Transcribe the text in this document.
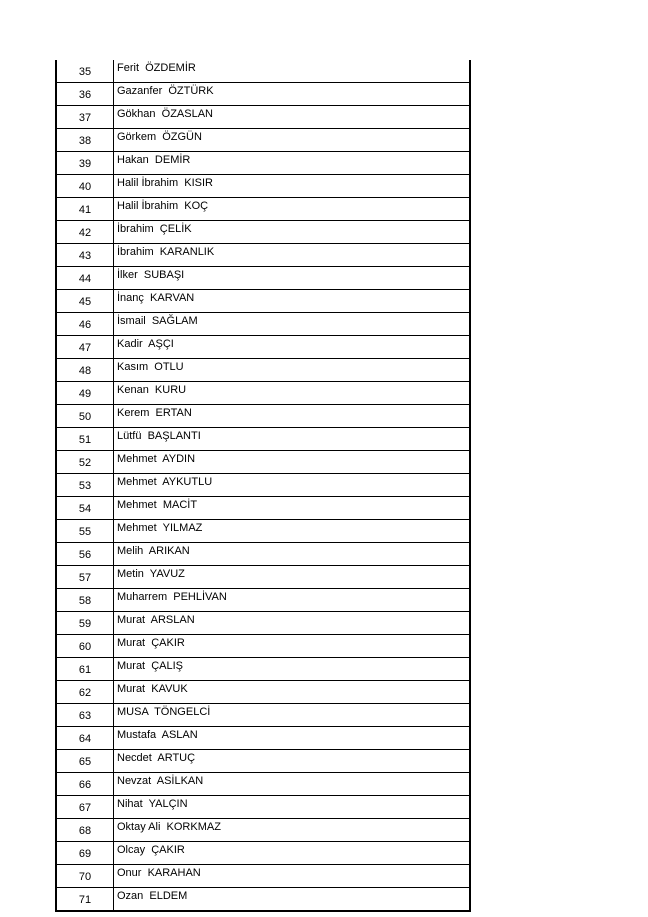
35	Ferit  ÖZDEMİR
36	Gazanfer  ÖZTÜRK
37	Gökhan  ÖZASLAN
38	Görkem  ÖZGÜN
39	Hakan  DEMİR
40	Halil İbrahim  KISIR
41	Halil İbrahim  KOÇ
42	İbrahim  ÇELİK
43	İbrahim  KARANLIK
44	İlker  SUBAŞI
45	İnanç  KARVAN
46	İsmail  SAĞLAM
47	Kadir  AŞÇI
48	Kasım  OTLU
49	Kenan  KURU
50	Kerem  ERTAN
51	Lütfü  BAŞLANTI
52	Mehmet  AYDIN
53	Mehmet  AYKUTLU
54	Mehmet  MACİT
55	Mehmet  YILMAZ
56	Melih  ARIKAN
57	Metin  YAVUZ
58	Muharrem  PEHLİVAN
59	Murat  ARSLAN
60	Murat  ÇAKIR
61	Murat  ÇALIŞ
62	Murat  KAVUK
63	MUSA  TÖNGELCİ
64	Mustafa  ASLAN
65	Necdet  ARTUÇ
66	Nevzat  ASİLKAN
67	Nihat  YALÇIN
68	Oktay Ali  KORKMAZ
69	Olcay  ÇAKIR
70	Onur  KARAHAN
71	Ozan  ELDEM
